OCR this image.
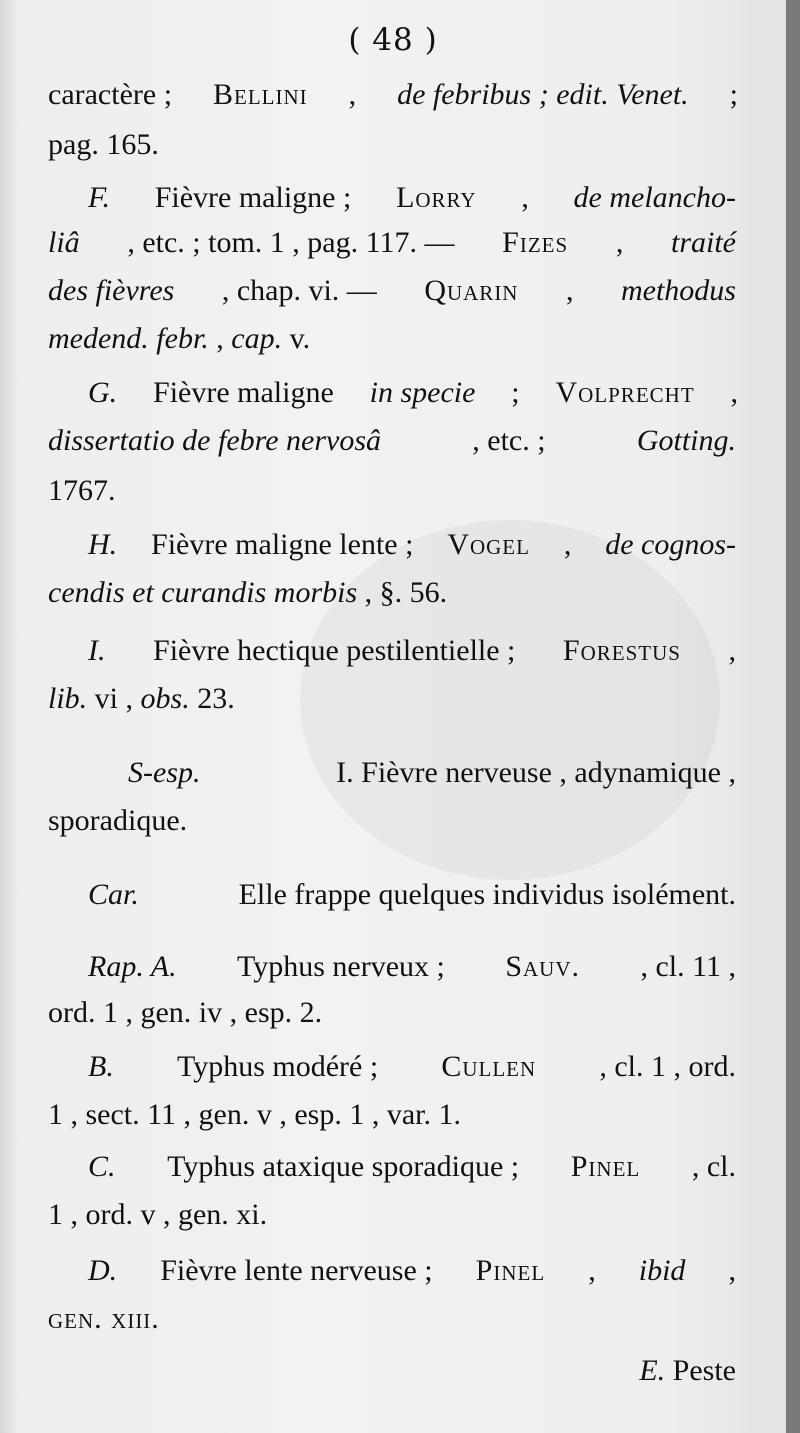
( 48 )
caractère ; Bellini , de febribus ; edit. Venet. ;
pag. 165.
F. Fièvre maligne ; Lorry , de melancho-
liâ , etc. ; tom. 1 , pag. 117. — Fizes , traité
des fièvres , chap. vi. — Quarin , methodus
medend. febr. , cap. v.
G. Fièvre maligne in specie ; Volprecht ,
dissertatio de febre nervosâ	, etc. ;	Gotting.
1767.
H. Fièvre maligne lente ; Vogel , de cognos-
cendis et curandis morbis , §. 56.
I. Fièvre hectique pestilentielle ; Forestus ,
lib. vi , obs. 23.
S-esp.	I. Fièvre nerveuse , adynamique ,
sporadique.
Car.	Elle frappe quelques individus isolément.
Rap. A. Typhus nerveux ; Sauv. , cl. 11 ,
ord. 1 , gen. iv , esp. 2.
B. Typhus modéré ; Cullen , cl. 1 , ord.
1 , sect. 11 , gen. v , esp. 1 , var. 1.
C. Typhus ataxique sporadique ; Pinel , cl.
1 , ord. v , gen. xi.
D. Fièvre lente nerveuse ; Pinel , ibid ,
gen. xiii.
E. Peste
